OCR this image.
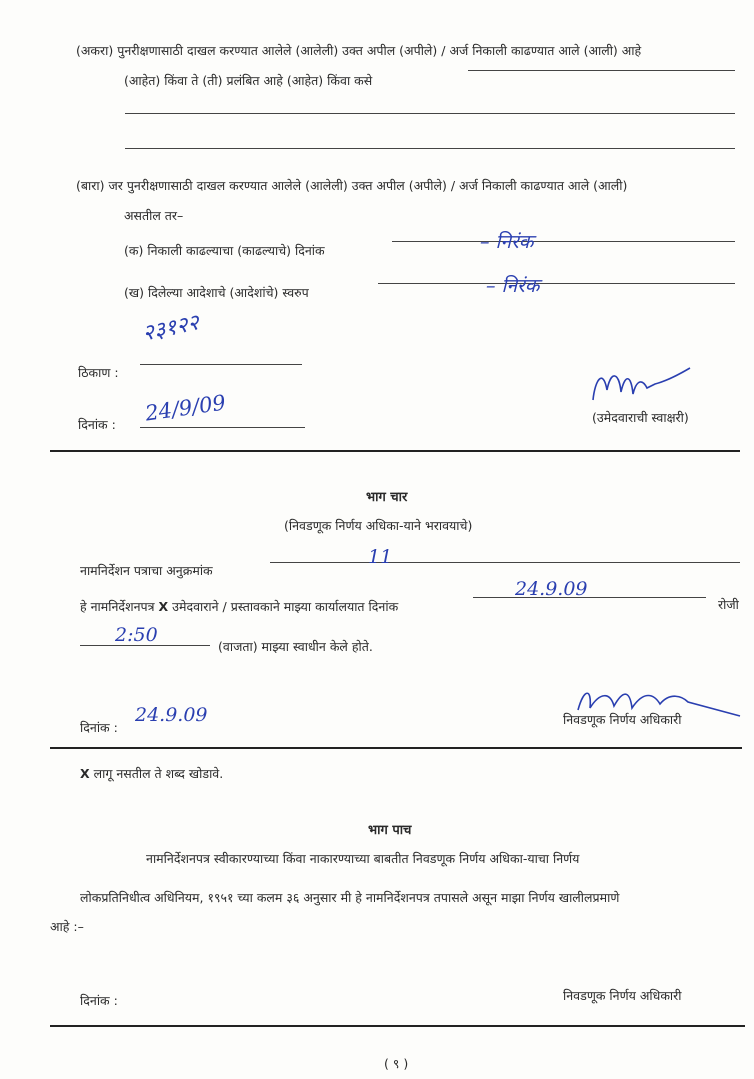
(अकरा) पुनरीक्षणासाठी दाखल करण्यात आलेले (आलेली) उक्त अपील (अपीले) / अर्ज निकाली काढण्यात आले (आली) आहे
(आहेत) किंवा ते (ती) प्रलंबित आहे (आहेत) किंवा कसे
(बारा) जर पुनरीक्षणासाठी दाखल करण्यात आलेले (आलेली) उक्त अपील (अपीले) / अर्ज निकाली काढण्यात आले (आली)
असतील तर–
(क) निकाली काढल्याचा (काढल्याचे) दिनांक	– निरंक
(ख) दिलेल्या आदेशाचे (आदेशांचे) स्वरुप	– निरंक
२३१२२
ठिकाण :
दिनांक : 24/9/09	(उमेदवाराची स्वाक्षरी)
भाग चार
(निवडणूक निर्णय अधिका-याने भरावयाचे)
नामनिर्देशन पत्राचा अनुक्रमांक
11
हे नामनिर्देशनपत्र X उमेदवाराने / प्रस्तावकाने माझ्या कार्यालयात दिनांक
24.9.09
रोजी
2:50
(वाजता) माझ्या स्वाधीन केले होते.
दिनांक :
24.9.09	निवडणूक निर्णय अधिकारी
X लागू नसतील ते शब्द खोडावे.
भाग पाच
नामनिर्देशनपत्र स्वीकारण्याच्या किंवा नाकारण्याच्या बाबतीत निवडणूक निर्णय अधिका-याचा निर्णय
लोकप्रतिनिधीत्व अधिनियम, १९५१ च्या कलम ३६ अनुसार मी हे नामनिर्देशनपत्र तपासले असून माझा निर्णय खालीलप्रमाणे
आहे :–
दिनांक :	निवडणूक निर्णय अधिकारी
( ९ )
